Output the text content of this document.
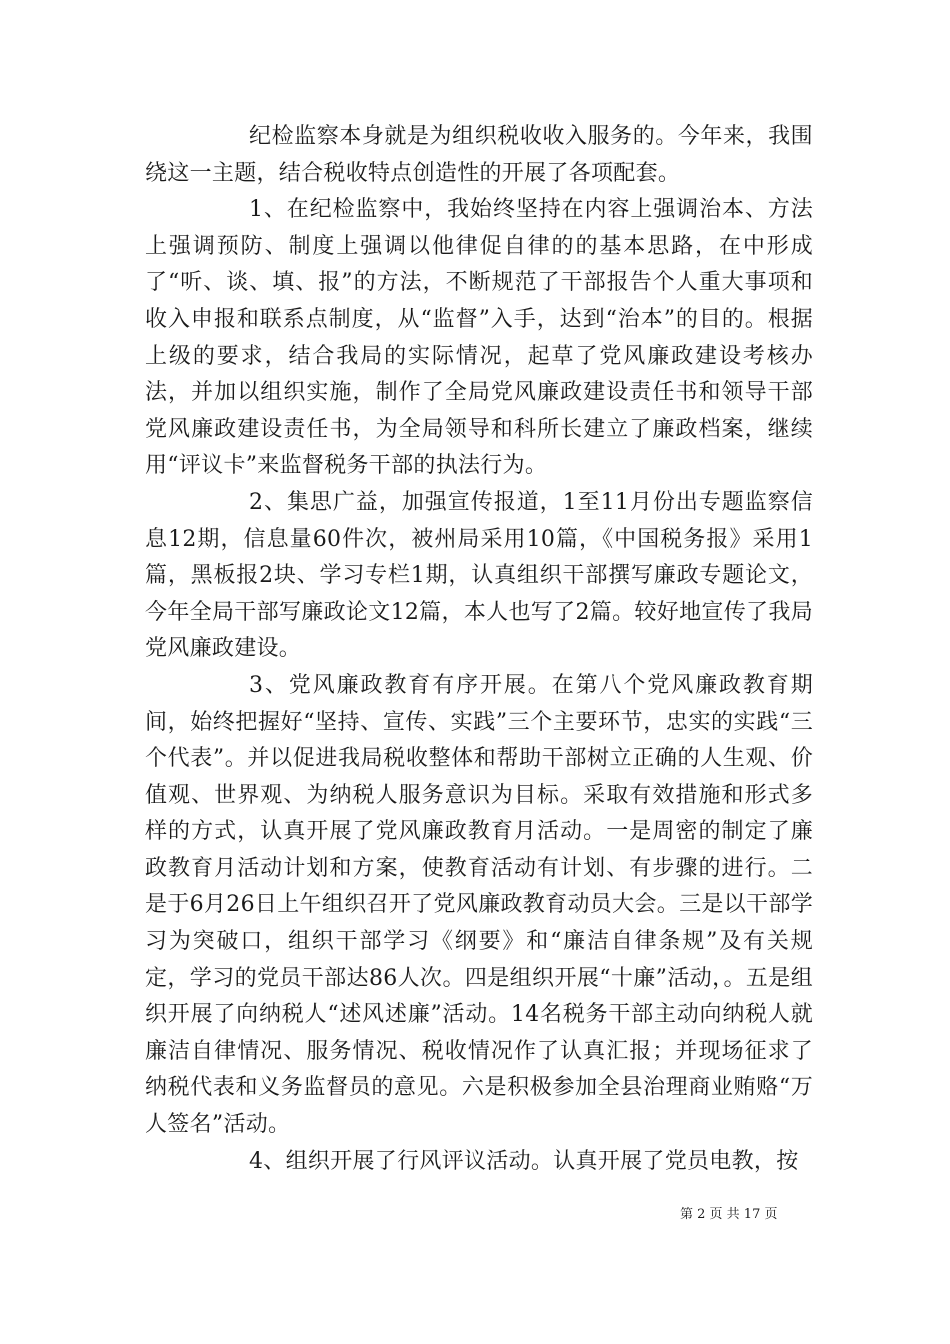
纪检监察本身就是为组织税收收入服务的。今年来，我围绕这一主题，结合税收特点创造性的开展了各项配套。

1、在纪检监察中，我始终坚持在内容上强调治本、方法上强调预防、制度上强调以他律促自律的的基本思路，在中形成了“听、谈、填、报”的方法，不断规范了干部报告个人重大事项和收入申报和联系点制度，从“监督”入手，达到“治本”的目的。根据上级的要求，结合我局的实际情况，起草了党风廉政建设考核办法，并加以组织实施，制作了全局党风廉政建设责任书和领导干部党风廉政建设责任书，为全局领导和科所长建立了廉政档案，继续用“评议卡”来监督税务干部的执法行为。

2、集思广益，加强宣传报道，1至11月份出专题监察信息12期，信息量60件次，被州局采用10篇，《中国税务报》采用1篇，黑板报2块、学习专栏1期，认真组织干部撰写廉政专题论文，今年全局干部写廉政论文12篇，本人也写了2篇。较好地宣传了我局党风廉政建设。

3、党风廉政教育有序开展。在第八个党风廉政教育期间，始终把握好“坚持、宣传、实践”三个主要环节，忠实的实践“三个代表”。并以促进我局税收整体和帮助干部树立正确的人生观、价值观、世界观、为纳税人服务意识为目标。采取有效措施和形式多样的方式，认真开展了党风廉政教育月活动。一是周密的制定了廉政教育月活动计划和方案，使教育活动有计划、有步骤的进行。二是于6月26日上午组织召开了党风廉政教育动员大会。三是以干部学习为突破口，组织干部学习《纲要》和“廉洁自律条规”及有关规定，学习的党员干部达86人次。四是组织开展“十廉”活动，。五是组织开展了向纳税人“述风述廉”活动。14名税务干部主动向纳税人就廉洁自律情况、服务情况、税收情况作了认真汇报；并现场征求了纳税代表和义务监督员的意见。六是积极参加全县治理商业贿赂“万人签名”活动。

4、组织开展了行风评议活动。认真开展了党员电教，按

第 2 页 共 17 页
